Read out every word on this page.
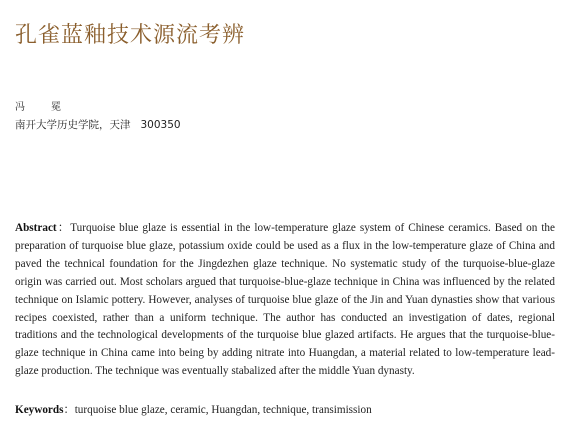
孔雀蓝釉技术源流考辨
冯　冕
南开大学历史学院，天津 300350

Abstract：Turquoise blue glaze is essential in the low-temperature glaze system of Chinese ceramics. Based on the preparation of turquoise blue glaze, potassium oxide could be used as a flux in the low-temperature glaze of China and paved the technical foundation for the Jingdezhen glaze technique. No systematic study of the turquoise-blue-glaze origin was carried out. Most scholars argued that turquoise-blue-glaze technique in China was influenced by the related technique on Islamic pottery. However, analyses of turquoise blue glaze of the Jin and Yuan dynasties show that various recipes coexisted, rather than a uniform technique. The author has conducted an investigation of dates, regional traditions and the technological developments of the turquoise blue glazed artifacts. He argues that the turquoise-blue-glaze technique in China came into being by adding nitrate into Huangdan, a material related to low-temperature lead-glaze production. The technique was eventually stabalized after the middle Yuan dynasty.

Keywords：turquoise blue glaze, ceramic, Huangdan, technique, transimission
